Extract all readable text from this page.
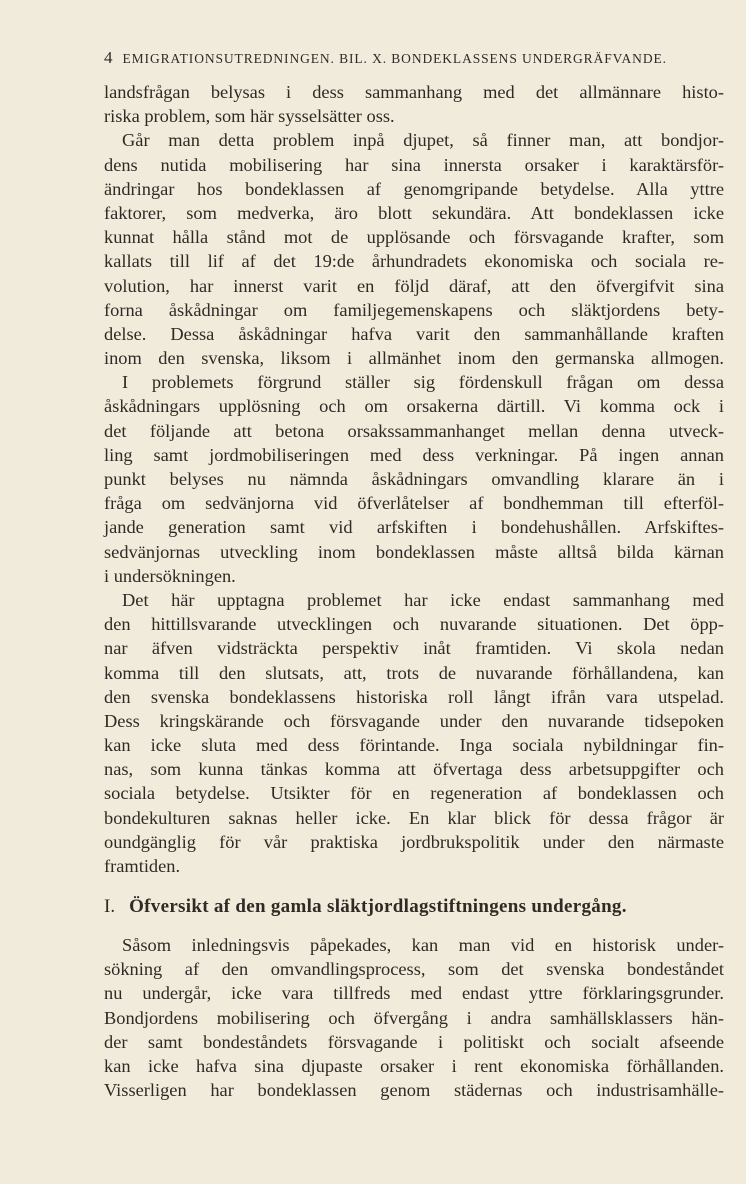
4 EMIGRATIONSUTREDNINGEN. BIL. X. BONDEKLASSENS UNDERGRÄFVANDE.
landsfrågan belysas i dess sammanhang med det allmännare histo-
riska problem, som här sysselsätter oss.
Går man detta problem inpå djupet, så finner man, att bondjor-
dens nutida mobilisering har sina innersta orsaker i karaktärsför-
ändringar hos bondeklassen af genomgripande betydelse. Alla yttre
faktorer, som medverka, äro blott sekundära. Att bondeklassen icke
kunnat hålla stånd mot de upplösande och försvagande krafter, som
kallats till lif af det 19:de århundradets ekonomiska och sociala re-
volution, har innerst varit en följd däraf, att den öfvergifvit sina
forna åskådningar om familjegemenskapens och släktjordens bety-
delse. Dessa åskådningar hafva varit den sammanhållande kraften
inom den svenska, liksom i allmänhet inom den germanska allmogen.
I problemets förgrund ställer sig fördenskull frågan om dessa
åskådningars upplösning och om orsakerna därtill. Vi komma ock i
det följande att betona orsakssammanhanget mellan denna utveck-
ling samt jordmobiliseringen med dess verkningar. På ingen annan
punkt belyses nu nämnda åskådningars omvandling klarare än i
fråga om sedvänjorna vid öfverlåtelser af bondhemman till efterföl-
jande generation samt vid arfskiften i bondehushållen. Arfskiftes-
sedvänjornas utveckling inom bondeklassen måste alltså bilda kärnan
i undersökningen.
Det här upptagna problemet har icke endast sammanhang med
den hittillsvarande utvecklingen och nuvarande situationen. Det öpp-
nar äfven vidsträckta perspektiv inåt framtiden. Vi skola nedan
komma till den slutsats, att, trots de nuvarande förhållandena, kan
den svenska bondeklassens historiska roll långt ifrån vara utspelad.
Dess kringskärande och försvagande under den nuvarande tidsepoken
kan icke sluta med dess förintande. Inga sociala nybildningar fin-
nas, som kunna tänkas komma att öfvertaga dess arbetsuppgifter och
sociala betydelse. Utsikter för en regeneration af bondeklassen och
bondekulturen saknas heller icke. En klar blick för dessa frågor är
oundgänglig för vår praktiska jordbrukspolitik under den närmaste
framtiden.
I. Öfversikt af den gamla släktjordlagstiftningens undergång.
Såsom inledningsvis påpekades, kan man vid en historisk under-
sökning af den omvandlingsprocess, som det svenska bondeståndet
nu undergår, icke vara tillfreds med endast yttre förklaringsgrunder.
Bondjordens mobilisering och öfvergång i andra samhällsklassers hän-
der samt bondeståndets försvagande i politiskt och socialt afseende
kan icke hafva sina djupaste orsaker i rent ekonomiska förhållanden.
Visserligen har bondeklassen genom städernas och industrisamhälle-
